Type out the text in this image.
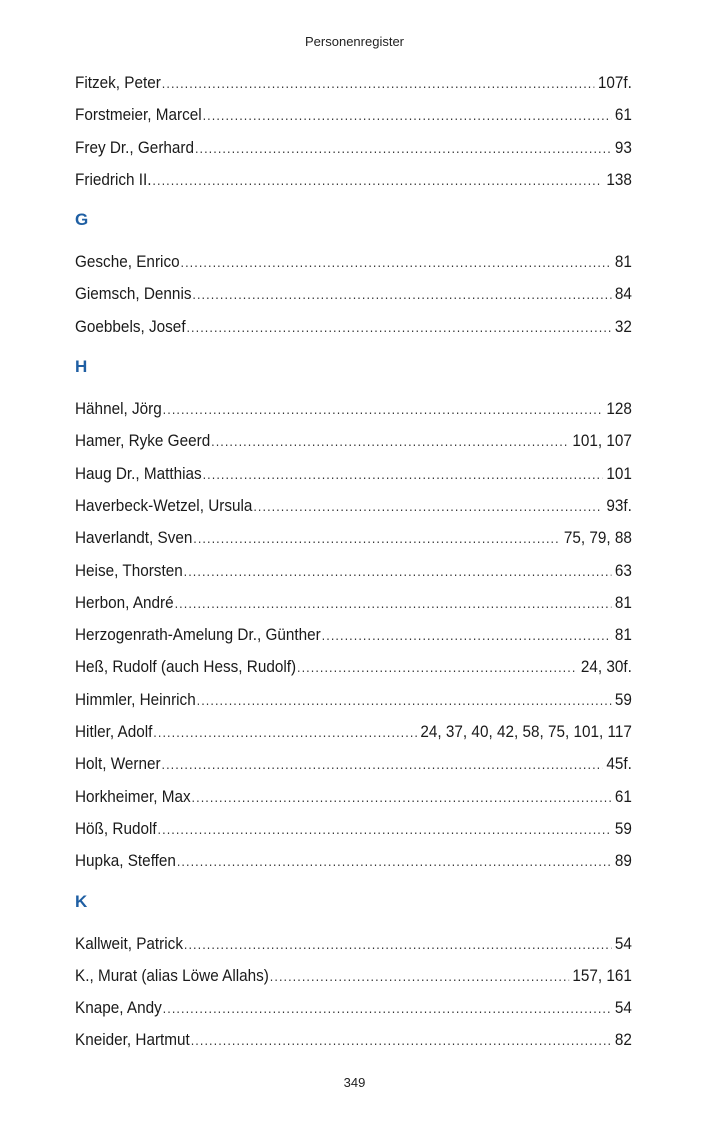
Personenregister
Fitzek, Peter .....	107f.
Forstmeier, Marcel .....	61
Frey Dr., Gerhard .....	93
Friedrich II. .....	138
G
Gesche, Enrico .....	81
Giemsch, Dennis .....	84
Goebbels, Josef .....	32
H
Hähnel, Jörg .....	128
Hamer, Ryke Geerd .....	101, 107
Haug Dr., Matthias .....	101
Haverbeck-Wetzel, Ursula .....	93f.
Haverlandt, Sven .....	75, 79, 88
Heise, Thorsten .....	63
Herbon, André .....	81
Herzogenrath-Amelung Dr., Günther .....	81
Heß, Rudolf (auch Hess, Rudolf) .....	24, 30f.
Himmler, Heinrich .....	59
Hitler, Adolf .....	24, 37, 40, 42, 58, 75, 101, 117
Holt, Werner .....	45f.
Horkheimer, Max .....	61
Höß, Rudolf .....	59
Hupka, Steffen .....	89
K
Kallweit, Patrick .....	54
K., Murat (alias Löwe Allahs) .....	157, 161
Knape, Andy .....	54
Kneider, Hartmut .....	82
349
